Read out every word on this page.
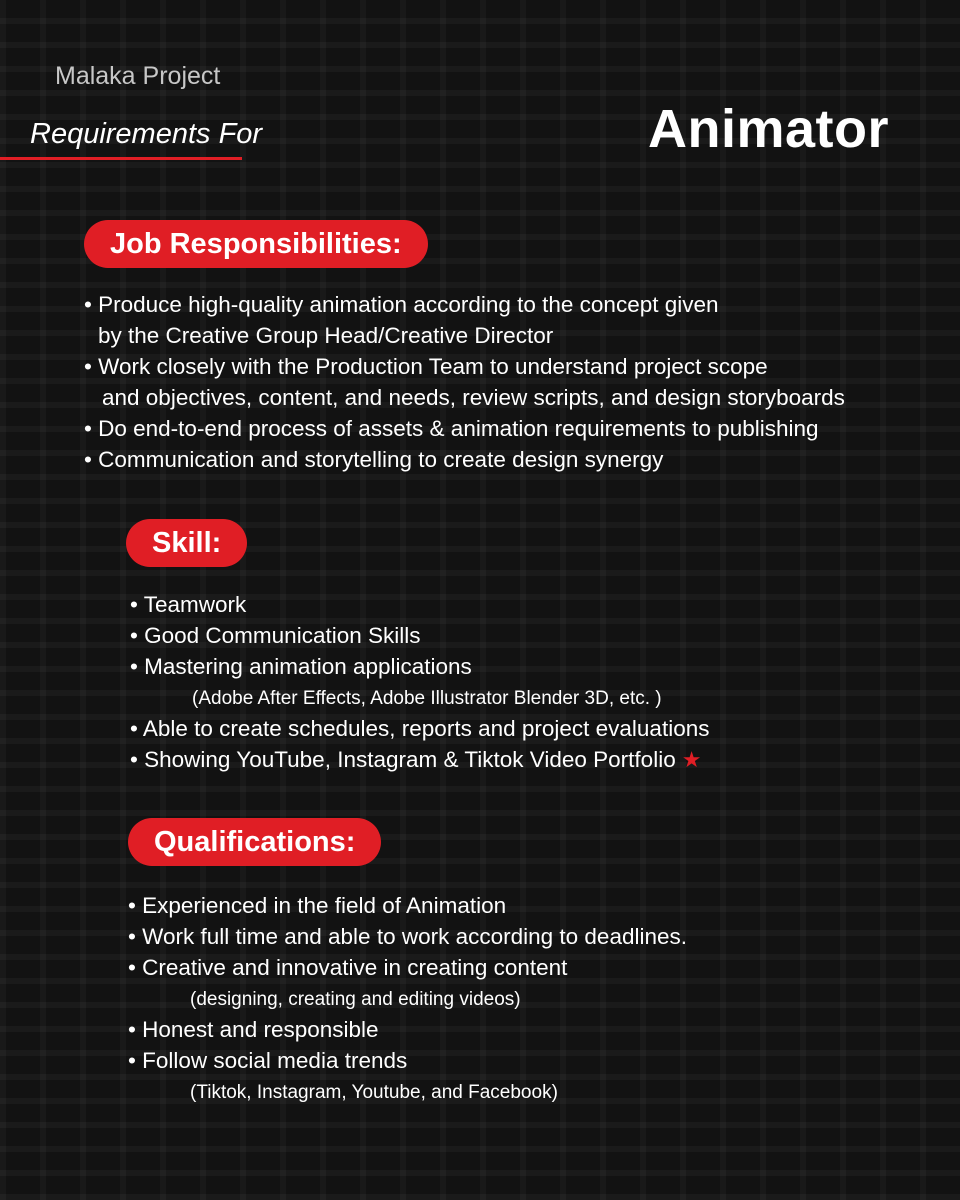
Malaka Project
Requirements For	Animator
Job Responsibilities:
• Produce high-quality animation according to the concept given
by the Creative Group Head/Creative Director
• Work closely with the Production Team to understand project scope
and objectives, content, and needs, review scripts, and design storyboards
• Do end-to-end process of assets & animation requirements to publishing
• Communication and storytelling to create design synergy
Skill:
• Teamwork
• Good Communication Skills
• Mastering animation applications
(Adobe After Effects, Adobe Illustrator Blender 3D, etc. )
• Able to create schedules, reports and project evaluations
• Showing YouTube, Instagram & Tiktok Video Portfolio ★
Qualifications:
• Experienced in the field of Animation
• Work full time and able to work according to deadlines.
• Creative and innovative in creating content
(designing, creating and editing videos)
• Honest and responsible
• Follow social media trends
(Tiktok, Instagram, Youtube, and Facebook)
